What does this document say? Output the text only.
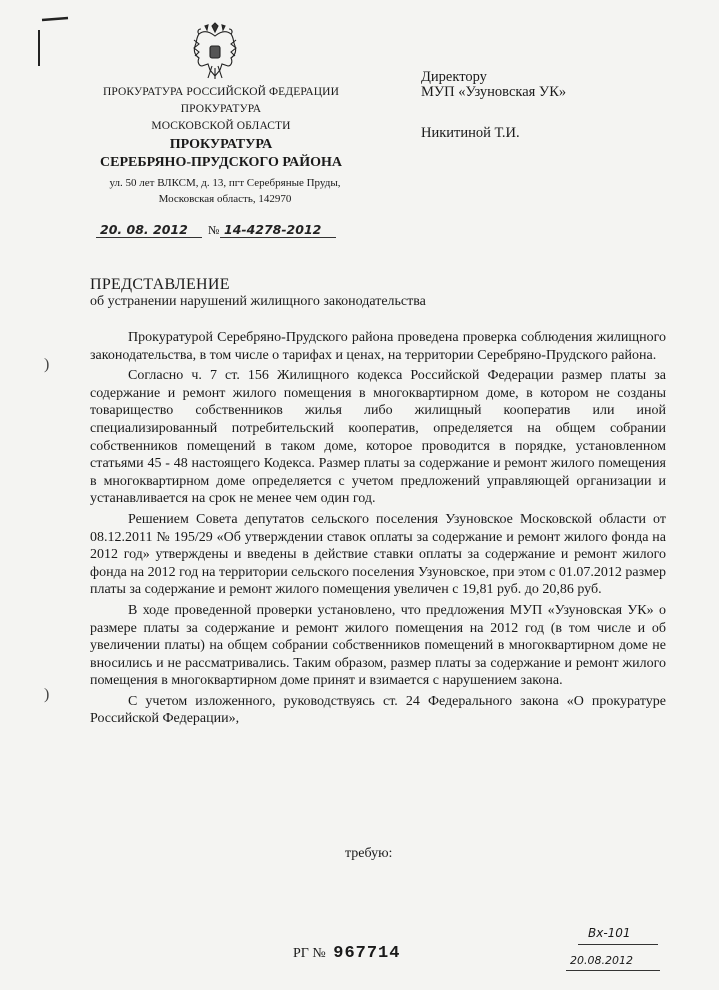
ПРОКУРАТУРА РОССИЙСКОЙ ФЕДЕРАЦИИ
ПРОКУРАТУРА
МОСКОВСКОЙ ОБЛАСТИ
ПРОКУРАТУРА
СЕРЕБРЯНО-ПРУДСКОГО РАЙОНА
ул. 50 лет ВЛКСМ, д. 13, пгт Серебряные Пруды,
Московская область, 142970
Директору
МУП «Узуновская УК»
Никитиной Т.И.
20. 08. 2012 № 14-4278-2012
ПРЕДСТАВЛЕНИЕ
об устранении нарушений жилищного законодательства

Прокуратурой Серебряно-Прудского района проведена проверка соблюдения жилищного законодательства, в том числе о тарифах и ценах, на территории Серебряно-Прудского района.

Согласно ч. 7 ст. 156 Жилищного кодекса Российской Федерации размер платы за содержание и ремонт жилого помещения в многоквартирном доме, в котором не созданы товарищество собственников жилья либо жилищный кооператив или иной специализированный потребительский кооператив, определяется на общем собрании собственников помещений в таком доме, которое проводится в порядке, установленном статьями 45 - 48 настоящего Кодекса. Размер платы за содержание и ремонт жилого помещения в многоквартирном доме определяется с учетом предложений управляющей организации и устанавливается на срок не менее чем один год.

Решением Совета депутатов сельского поселения Узуновское Московской области от 08.12.2011 № 195/29 «Об утверждении ставок оплаты за содержание и ремонт жилого фонда на 2012 год» утверждены и введены в действие ставки оплаты за содержание и ремонт жилого фонда на 2012 год на территории сельского поселения Узуновское, при этом с 01.07.2012 размер платы за содержание и ремонт жилого помещения увеличен с 19,81 руб. до 20,86 руб.

В ходе проведенной проверки установлено, что предложения МУП «Узуновская УК» о размере платы за содержание и ремонт жилого помещения на 2012 год (в том числе и об увеличении платы) на общем собрании собственников помещений в многоквартирном доме не вносились и не рассматривались. Таким образом, размер платы за содержание и ремонт жилого помещения в многоквартирном доме принят и взимается с нарушением закона.

С учетом изложенного, руководствуясь ст. 24 Федерального закона «О прокуратуре Российской Федерации»,

)
)
требую:
РГ № 967714
Вх-101
20.08.2012
